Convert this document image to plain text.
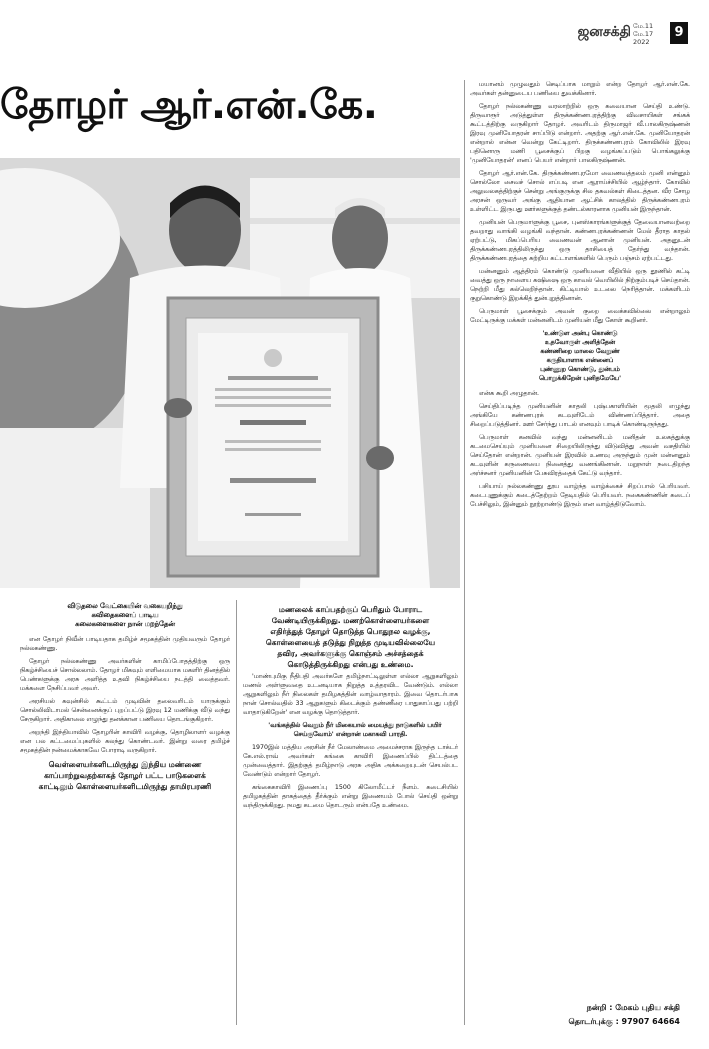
ஜனசக்தி மே.11
மே.17
2022
9
தோழர் ஆர்.என்.கே.	மயானம் முழுவதும் செடிப்பாக மாறும் என்ற தோழர் ஆர்.என்.கே. அவர்கள் தன்னுடைய பணியை துவக்கினார்.

தோழர் நல்லகண்ணு வரலாற்றில் ஒரு கவையான செய்தி உண்டு. திருவாரூர் அடுத்துள்ள திருக்கண்ணபுரத்திற்கு விவசாயிகள் சங்கக் கூட்டத்திற்கு வருகிறார் தோழர். அவரிடம் திருமாஜர் வீ.பாலகிருஷ்ணன் இரவு முனியோதரன் சாப்பிடு என்றார். அதற்கு ஆர்.என்.கே. முனியோதரன் என்றால் என்ன வென்று கேட்டிறார். திருக்கண்ணபுரம் கோவிலில் இரவு பதினொரு மணி பூசைக்குப் பிறகு வழங்கப்படும் பொங்கலுக்கு 'முனியோதரன்' எனப் பெயர் என்றார் பாலகிருஷ்ணன்.

தோழர் ஆர்.என்.கே. திருக்கண்ணபுரமோ வைணவத்தலம் முனி என்னும் சொல்லோ சைவச் சொல் எப்படி என ஆராய்ச்சியில் ஆழ்ந்தார். கோவில் அலுவலகத்திற்குச் சென்று அங்குருக்கு சில தகவல்கள் கிடைத்தன. வீர சோழ அரசன் ஒருவர் அங்கு ஆதியான ஆட்சிக் காலத்தில் திருக்கண்ணபுரம் உள்ளிட்ட இருபது ஊர்களுக்குத் தண்டல்காரனாக முனியன் இருந்தான்.

முனியன் பெருமாளுக்கு பூசை, புனஸ்காரங்களுக்குத் தேவையானவற்றை தவறாது வாங்கி வழங்கி வந்தான். கண்ணபுரக்கண்ணன் மேல் தீராத காதல் ஏற்பட்டு, மிகப்பெரிய வைணவன் ஆனான் முனியன். அதனுடன் திருக்கண்ணபுரத்திலிருந்து ஒரு தாசியைத் தேர்ந்து வந்தான். திருக்கண்ணபுரத்தை சுற்றிய கட்டாளங்களில் பெரும் பஞ்சம் ஏற்பட்டது.

மன்னனும் ஆத்திரம் கொண்டு முனியனை வீதியில் ஒரு தூணில் கட்டி வைத்து ஒரு நாளைய கஷிஷை ஒரு காவல் வெயிலில் நிற்கும்படிச் செய்தான். நெற்றி மீது கல்லெறிந்தான். கிட்டியால் உடலை நெரித்தான். மக்களிடம் குறுகொண்டு இறக்கித் துன்புறுத்தினான்.

பெருமாள் பூசைக்கும் அவன் குறை வைக்கவில்லை என்றாலும் மேட்டிருக்கு மக்கள் மன்னனிடம் முனியன் மீது கோள் கூறினர்.

'உண்டுள அன்பு கொண்டு
உதவோருள் அளித்தேன்
கண்ணிறை மாலை வேறுண்
கருதியாளாக என்னைப்
புண்ணுற கொண்டு, துன்பம்
பொறுக்கிறேன் புனிதமேயே'

என்க கூறி அழுதான்.

செய்திப்படிந்த முனியனின் காதலி புஷ்பகாளியின் மூதலி எழுந்து அங்கியே கண்ணபுரக் கடவுளிடேம் விண்ணப்பித்தார். அதை சிறைப்படுத்தினர். ஊர் சேர்ந்து பாடல் எனவும் பாடிக் கொண்டிருந்தது.

பெருமாள் கனவில் வந்து மன்னனிடம் மனிதன் உலகத்துக்கு கடமைசெய்யும் முனியனை சிறையிலிருந்து விடுவித்து அவன் வசதியில் செய்தோன் என்றான். முனியன் இரவில் உணவு அருந்தும் முன் மன்னனும் கடவுளின் கருணையை நினைத்து வணங்கினான். மறுநாள் நடைதிறந்த அர்ச்சனர் முனியனின் பேசுவிரத்தைக் கேட்டு வந்தார்.

பசியாய் நல்லகண்ணு தூய வாழ்ந்த வாழ்க்கைச் சிறப்பால் பெரியவர். கடைபுணுக்கும் கடைத்தேற்றம் தேடியதில் பெரியவர். நகைகண்ணின் கடைப் பேச்சிலும், இன்னும் நூற்றாண்டு இரும் என வாழ்த்திடுவோம்.

நன்றி : மேகம் புதிய சக்தி
தொடர்புக்கு : 97907 64664
விடுதலை வேட்கையின் வகையறிந்து
கவிதைகளைப் பாடிய
கலைகளைகளை நான் மறந்தேன்

என தோழர் நிவீன் பாடியதாக தமிழ்ச் சமூகத்தின் முதியவரும் தோழர் நல்லகண்ணு.

தோழர் நல்லகண்ணு அவர்களின் காமிப்போதத்திற்கு ஒரு நிகழ்ச்சியைச் சொல்லலாம். தோழர் மிகவும் எளிமையாக மகளிர் தினத்தில் பெண்களுக்கு அரசு அளித்த உதவி நிகழ்ச்சியை நடத்தி வைத்தவர். மக்களை நேசிப்பவர் அவர்.

அரசியல் கவுன்சில் கூட்டம் முடிவின் தலைவரிடம் யாருக்கும் சொல்லிவிடாமல் சென்னைக்குப் புறப்பட்டு இரவு 12 மணிக்கு வீடு வந்து சேருகிறார். அதிகாலை எழுந்து தனக்கான பணியை தொடங்குகிறார்.

அறந்தி இந்தியாவில் தோழரின் காவிரி வழக்கு, தொழிலாளர் வழக்கு என பல கட்டமைப்புகளில் கலந்து கொண்டவர். இன்று வரை தமிழ்ச் சமூகத்தின் நன்மைக்காகவே போராடி வருகிறார்.

வெள்ளையர்களிடமிருந்து இந்திய மண்ணை
காப்பாற்றுவதற்காகத் தோழர் பட்ட பாடுகளைக்
காட்டிலும் கொள்ளையர்களிடமிருந்து தாமிரபரணி
மணலைக் காப்பதற்குப் பெரிதும் போராட
வேண்டியிருக்கிறது. மணற்கொள்ளையர்களை
எதிர்த்துத் தோழர் தொடுத்த பொதுநல வழக்கு,
கொள்ளையைத் தடுத்து நிறுத்த முடியவில்லையே
தவிர, அவர்களுக்கு கொஞ்சம் அச்சத்தைக்
கொடுத்திருக்கிறது என்பது உண்மை.

'மாண்புமிகு நீதிபதி அவர்களே தமிழ்நாட்டிலுள்ள எல்லா ஆறுகளிலும் மணல் அள்ளுவதை உடனடியாக நிறுத்த உத்தரவிட வேண்டும். எல்லா ஆறுகளிலும் நீர் நிலைகள் தமிழகத்தின் வாழ்வாதாரம். இவை தொடர்பாக நான் சொல்வதில் 33 ஆறுகளும் கிடைக்கும் தண்ணீரை பாதுகாப்பது பற்றி வாதாடுகிறேன்' என வழக்கு தொடுத்தார்.

'வங்கத்தில் வெறும் நீர் மிகையால் மையத்து நாடுகளில் பயிர் செய்குவோம்' என்றான் மகாகவி பாரதி.

1970இல் மத்திய அரசின் நீர் மேலாண்மை அமைச்சராக இருந்த டாக்டர் கே.எல்.ராவ் அவர்கள் கங்கை காவிரி இணைப்பில் திட்டத்தை முன்வைத்தார். இதற்குத் தமிழ்நாடு அரசு அதிக அக்கறையுடன் செயல்பட வேண்டும் என்றார் தோழர்.

கங்கைகாவிரி இணைப்பு 1500 கிலோமீட்டர் நீளம். கடைசியில் தமிழகத்தின் தாகத்தைத் தீர்க்கும் என்று இணையம் போல் செய்தி ஒன்று வந்திருக்கிறது. நமது கடமை தொடரும் என்பதே உண்மை.
